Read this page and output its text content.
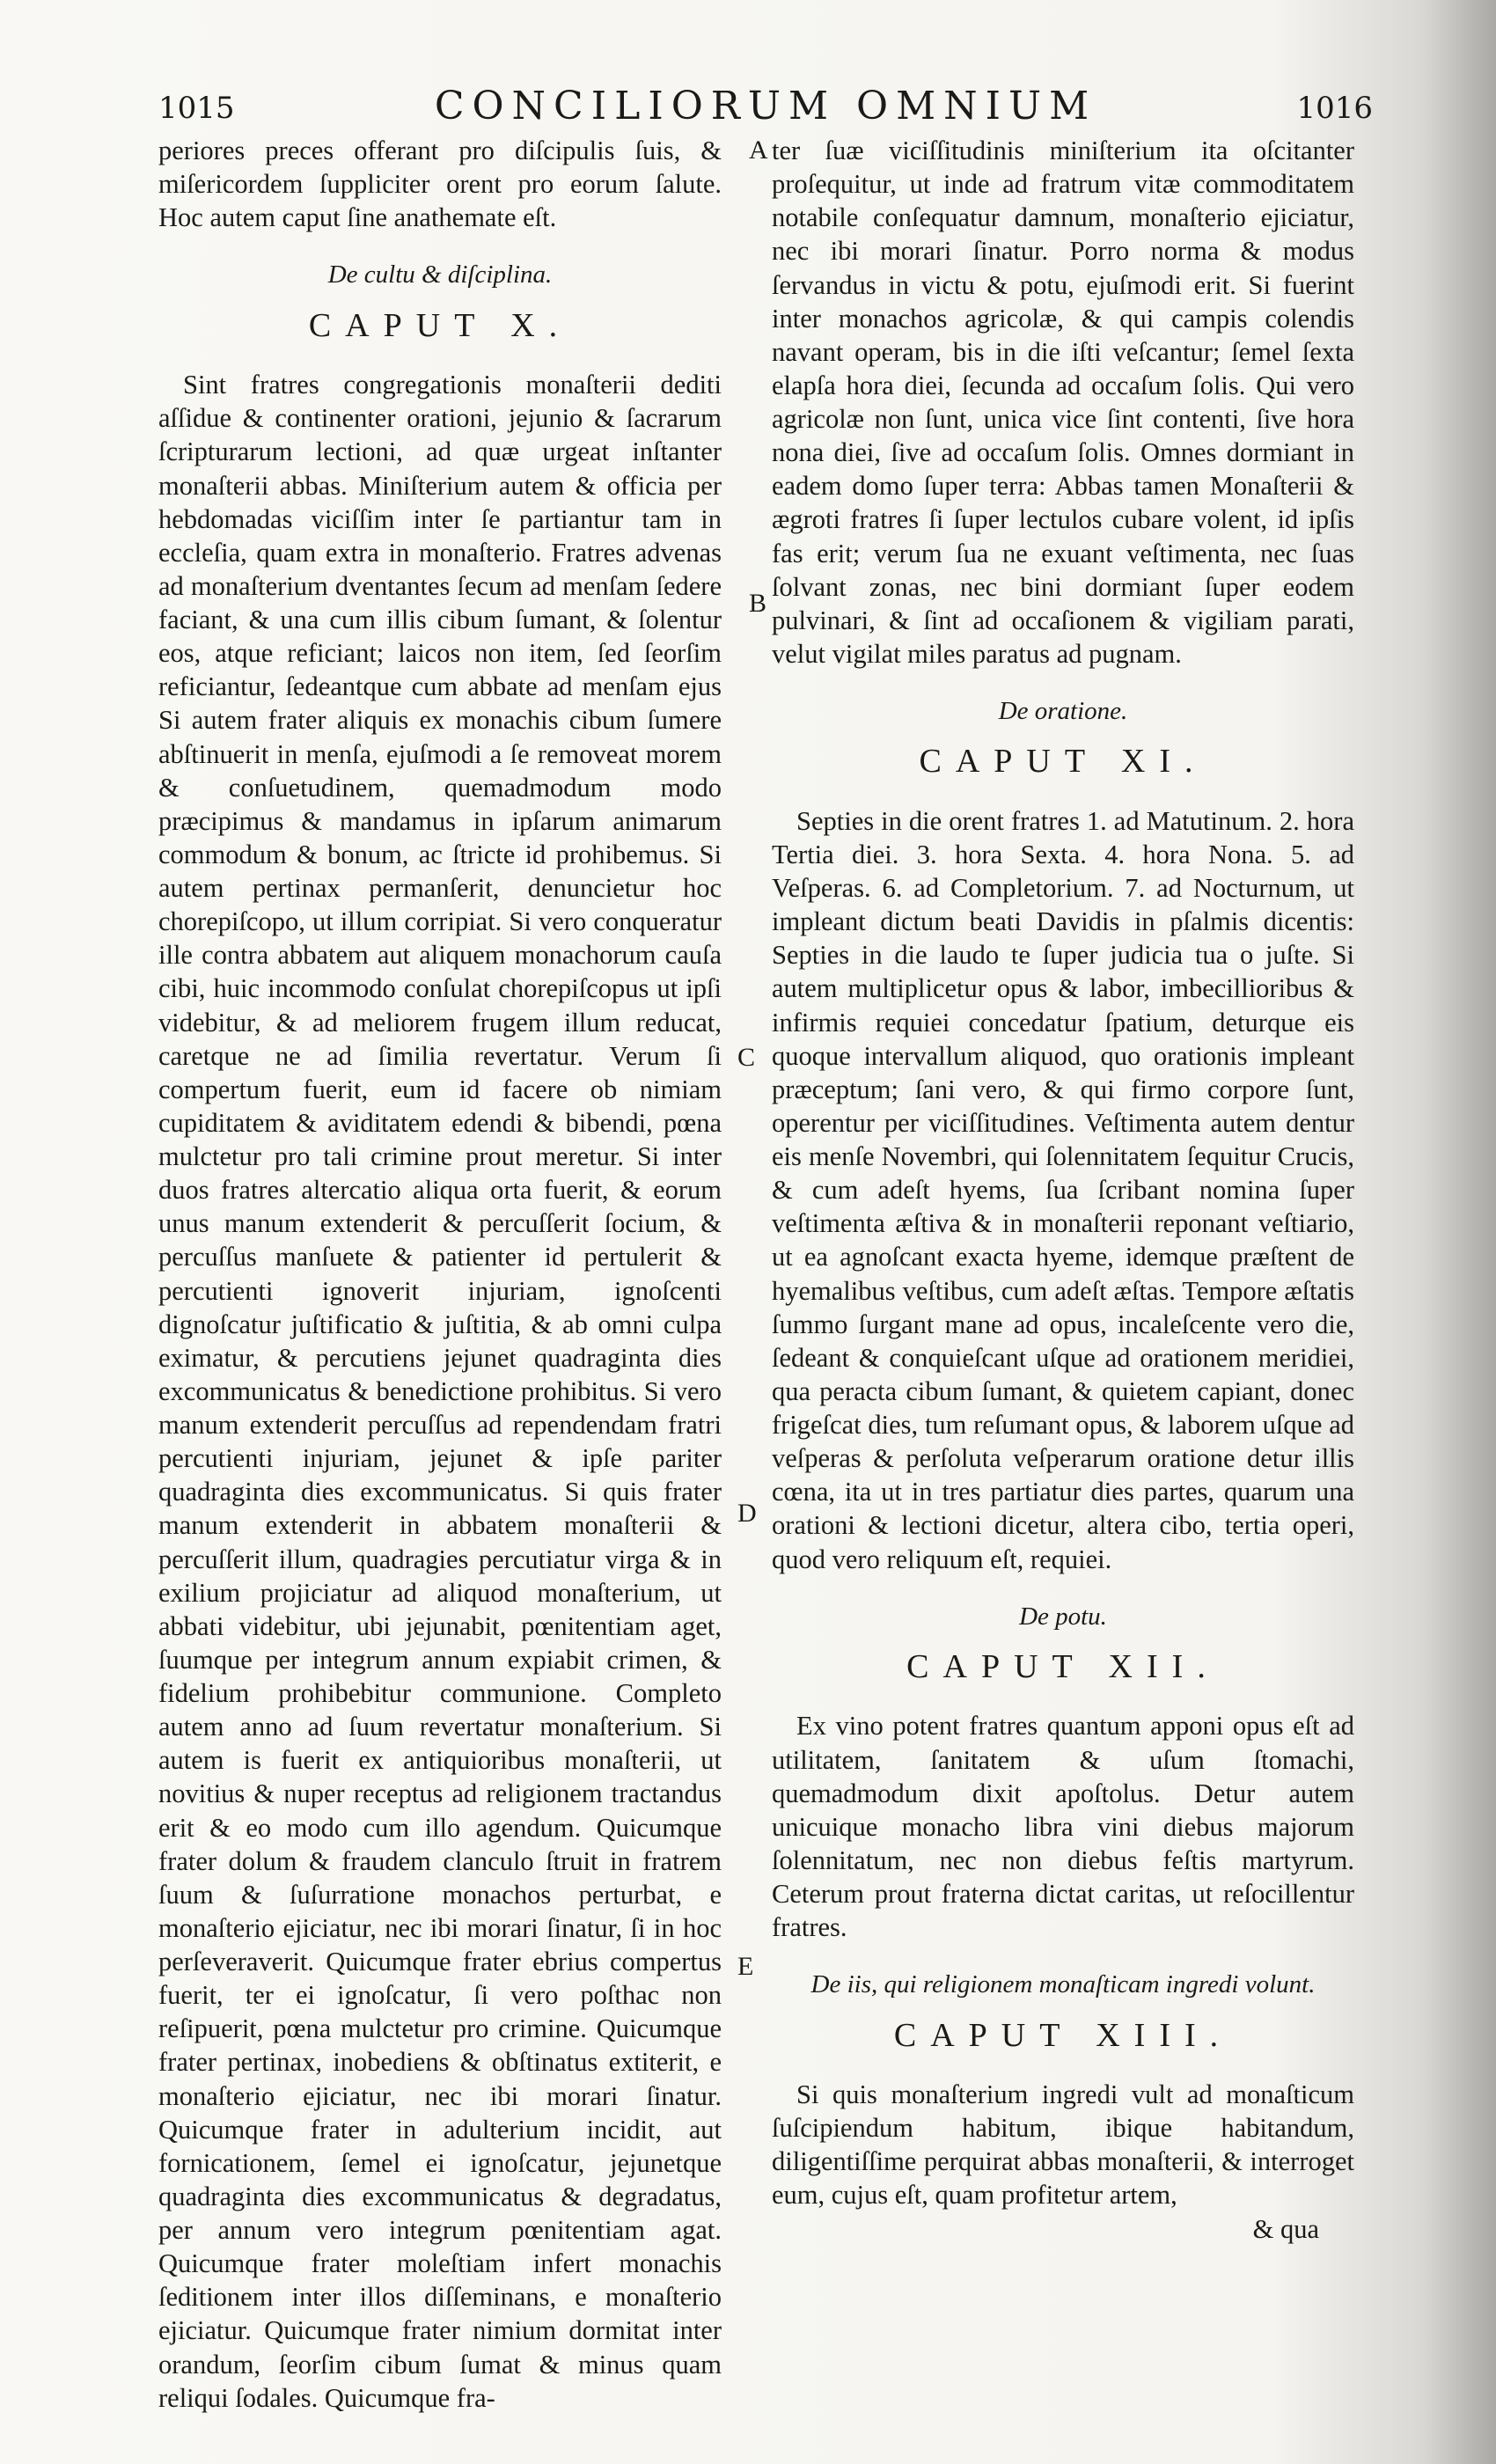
1015	CONCILIORUM OMNIUM	1016
A
B
C
D
E

periores preces offerant pro diſcipulis ſuis, & miſericordem ſuppliciter orent pro eorum ſalute. Hoc autem caput ſine anathemate eſt.

De cultu & diſciplina.
CAPUT X.

Sint fratres congregationis monaſterii dediti aſſidue & continenter orationi, jejunio & ſacrarum ſcripturarum lectioni, ad quæ urgeat inſtanter monaſterii abbas. Miniſterium autem & officia per hebdomadas viciſſim inter ſe partiantur tam in eccleſia, quam extra in monaſterio. Fratres advenas ad monaſterium dventantes ſecum ad menſam ſedere faciant, & una cum illis cibum ſumant, & ſolentur eos, atque reficiant; laicos non item, ſed ſeorſim reficiantur, ſedeantque cum abbate ad menſam ejus Si autem frater aliquis ex monachis cibum ſumere abſtinuerit in menſa, ejuſmodi a ſe removeat morem & conſuetudinem, quemadmodum modo præcipimus & mandamus in ipſarum animarum commodum & bonum, ac ſtricte id prohibemus. Si autem pertinax permanſerit, denuncietur hoc chorepiſcopo, ut illum corripiat. Si vero conqueratur ille contra abbatem aut aliquem monachorum cauſa cibi, huic incommodo conſulat chorepiſcopus ut ipſi videbitur, & ad meliorem frugem illum reducat, caretque ne ad ſimilia revertatur. Verum ſi compertum fuerit, eum id facere ob nimiam cupiditatem & aviditatem edendi & bibendi, pœna mulctetur pro tali crimine prout meretur. Si inter duos fratres altercatio aliqua orta fuerit, & eorum unus manum extenderit & percuſſerit ſocium, & percuſſus manſuete & patienter id pertulerit & percutienti ignoverit injuriam, ignoſcenti dignoſcatur juſtificatio & juſtitia, & ab omni culpa eximatur, & percutiens jejunet quadraginta dies excommunicatus & benedictione prohibitus. Si vero manum extenderit percuſſus ad rependendam fratri percutienti injuriam, jejunet & ipſe pariter quadraginta dies excommunicatus. Si quis frater manum extenderit in abbatem monaſterii & percuſſerit illum, quadragies percutiatur virga & in exilium projiciatur ad aliquod monaſterium, ut abbati videbitur, ubi jejunabit, pœnitentiam aget, ſuumque per integrum annum expiabit crimen, & fidelium prohibebitur communione. Completo autem anno ad ſuum revertatur monaſterium. Si autem is fuerit ex antiquioribus monaſterii, ut novitius & nuper receptus ad religionem tractandus erit & eo modo cum illo agendum. Quicumque frater dolum & fraudem clanculo ſtruit in fratrem ſuum & ſuſurratione monachos perturbat, e monaſterio ejiciatur, nec ibi morari ſinatur, ſi in hoc perſeveraverit. Quicumque frater ebrius compertus fuerit, ter ei ignoſcatur, ſi vero poſthac non reſipuerit, pœna mulctetur pro crimine. Quicumque frater pertinax, inobediens & obſtinatus extiterit, e monaſterio ejiciatur, nec ibi morari ſinatur. Quicumque frater in adulterium incidit, aut fornicationem, ſemel ei ignoſcatur, jejunetque quadraginta dies excommunicatus & degradatus, per annum vero integrum pœnitentiam agat. Quicumque frater moleſtiam infert monachis ſeditionem inter illos diſſeminans, e monaſterio ejiciatur. Quicumque frater nimium dormitat inter orandum, ſeorſim cibum ſumat & minus quam reliqui ſodales. Quicumque fra-

ter ſuæ viciſſitudinis miniſterium ita oſcitanter proſequitur, ut inde ad fratrum vitæ commoditatem notabile conſequatur damnum, monaſterio ejiciatur, nec ibi morari ſinatur. Porro norma & modus ſervandus in victu & potu, ejuſmodi erit. Si fuerint inter monachos agricolæ, & qui campis colendis navant operam, bis in die iſti veſcantur; ſemel ſexta elapſa hora diei, ſecunda ad occaſum ſolis. Qui vero agricolæ non ſunt, unica vice ſint contenti, ſive hora nona diei, ſive ad occaſum ſolis. Omnes dormiant in eadem domo ſuper terra: Abbas tamen Monaſterii & ægroti fratres ſi ſuper lectulos cubare volent, id ipſis fas erit; verum ſua ne exuant veſtimenta, nec ſuas ſolvant zonas, nec bini dormiant ſuper eodem pulvinari, & ſint ad occaſionem & vigiliam parati, velut vigilat miles paratus ad pugnam.

De oratione.
CAPUT XI.

Septies in die orent fratres 1. ad Matutinum. 2. hora Tertia diei. 3. hora Sexta. 4. hora Nona. 5. ad Veſperas. 6. ad Completorium. 7. ad Nocturnum, ut impleant dictum beati Davidis in pſalmis dicentis: Septies in die laudo te ſuper judicia tua o juſte. Si autem multiplicetur opus & labor, imbecillioribus & infirmis requiei concedatur ſpatium, deturque eis quoque intervallum aliquod, quo orationis impleant præceptum; ſani vero, & qui firmo corpore ſunt, operentur per viciſſitudines. Veſtimenta autem dentur eis menſe Novembri, qui ſolennitatem ſequitur Crucis, & cum adeſt hyems, ſua ſcribant nomina ſuper veſtimenta æſtiva & in monaſterii reponant veſtiario, ut ea agnoſcant exacta hyeme, idemque præſtent de hyemalibus veſtibus, cum adeſt æſtas. Tempore æſtatis ſummo ſurgant mane ad opus, incaleſcente vero die, ſedeant & conquieſcant uſque ad orationem meridiei, qua peracta cibum ſumant, & quietem capiant, donec frigeſcat dies, tum reſumant opus, & laborem uſque ad veſperas & perſoluta veſperarum oratione detur illis cœna, ita ut in tres partiatur dies partes, quarum una orationi & lectioni dicetur, altera cibo, tertia operi, quod vero reliquum eſt, requiei.

De potu.
CAPUT XII.

Ex vino potent fratres quantum apponi opus eſt ad utilitatem, ſanitatem & uſum ſtomachi, quemadmodum dixit apoſtolus. Detur autem unicuique monacho libra vini diebus majorum ſolennitatum, nec non diebus feſtis martyrum. Ceterum prout fraterna dictat caritas, ut reſocillentur fratres.

De iis, qui religionem monaſticam ingredi volunt.
CAPUT XIII.

Si quis monaſterium ingredi vult ad monaſticum ſuſcipiendum habitum, ibique habitandum, diligentiſſime perquirat abbas monaſterii, & interroget eum, cujus eſt, quam profitetur artem,

& qua
